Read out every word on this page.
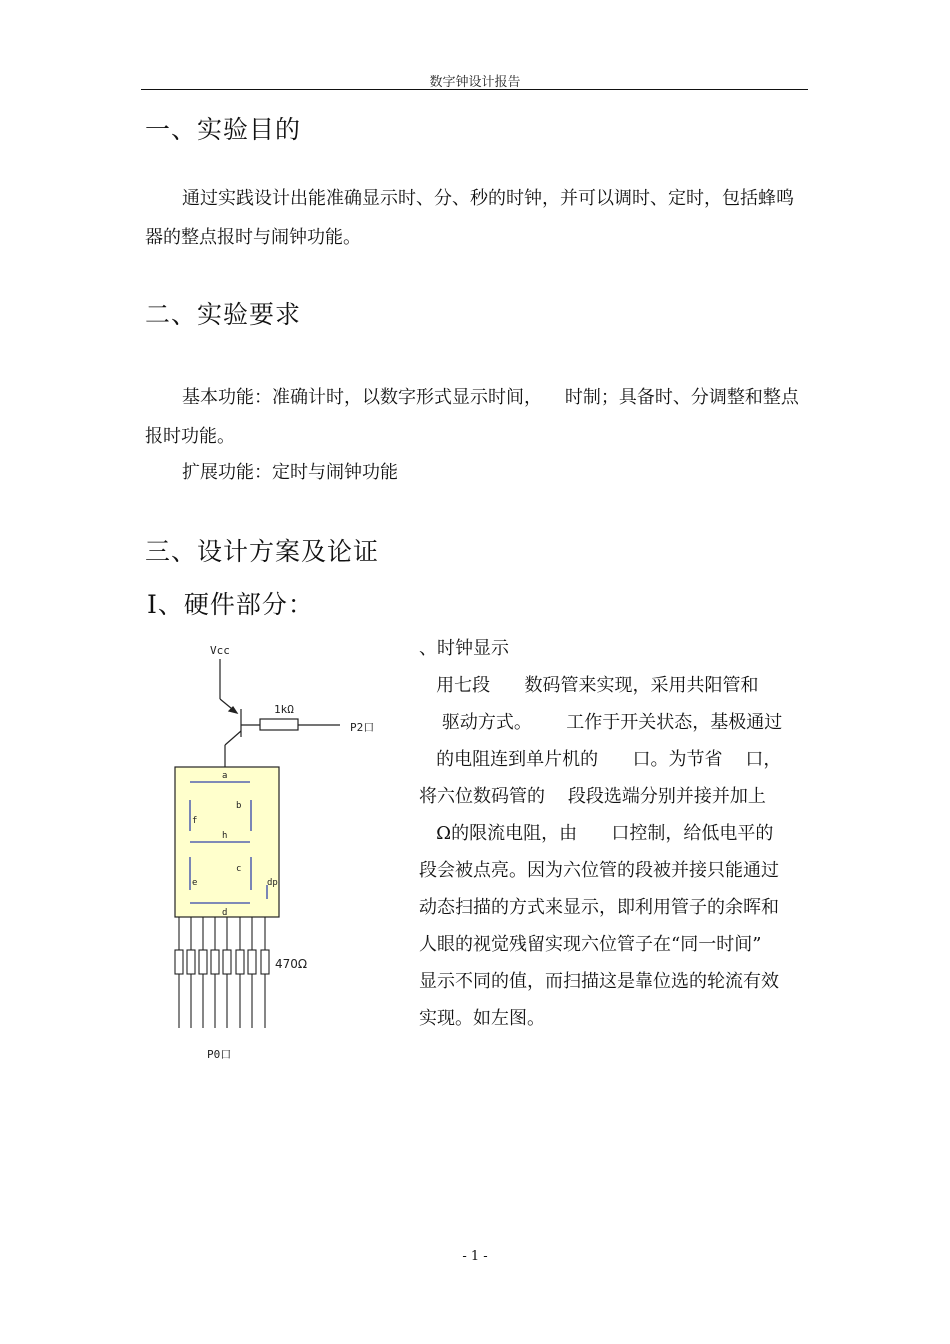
数字钟设计报告
一、实验目的

通过实践设计出能准确显示时、分、秒的时钟，并可以调时、定时，包括蜂鸣器的整点报时与闹钟功能。

二、实验要求

基本功能：准确计时，以数字形式显示时间，    时制；具备时、分调整和整点报时功能。

扩展功能：定时与闹钟功能

三、设计方案及论证
Ⅰ、硬件部分：
Vcc
1kΩ
P2口
470Ω
P0口
a
b
f
h
c
e	dp
d
、时钟显示
用七段      数码管来实现，采用共阳管和
驱动方式。      工作于开关状态，基极通过
的电阻连到单片机的      口。为节省    口，
将六位数码管的    段段选端分别并接并加上
Ω的限流电阻，由      口控制，给低电平的
段会被点亮。因为六位管的段被并接只能通过
动态扫描的方式来显示，即利用管子的余晖和
人眼的视觉残留实现六位管子在“同一时间”
显示不同的值，而扫描这是靠位选的轮流有效
实现。如左图。
- 1 -
